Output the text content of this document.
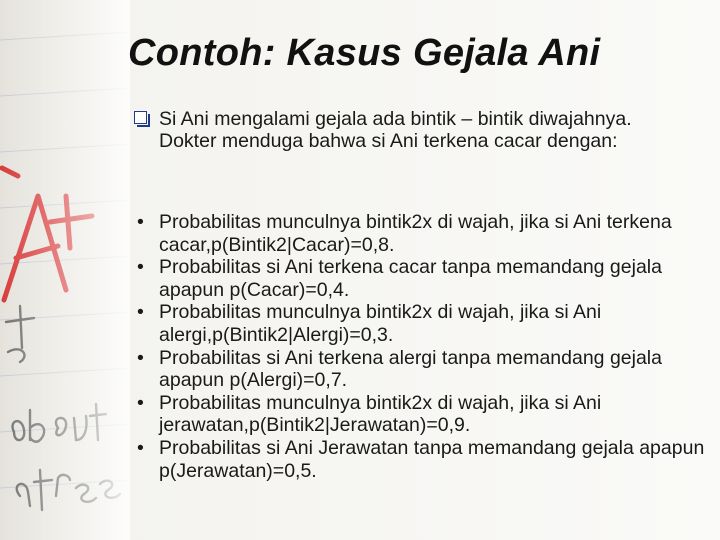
Contoh: Kasus Gejala Ani

Si Ani mengalami gejala ada bintik – bintik diwajahnya. Dokter menduga bahwa si Ani terkena cacar dengan:

• Probabilitas munculnya bintik2x di wajah, jika si Ani terkena cacar,p(Bintik2|Cacar)=0,8.
• Probabilitas si Ani terkena cacar tanpa memandang gejala apapun p(Cacar)=0,4.
• Probabilitas munculnya bintik2x di wajah, jika si Ani alergi,p(Bintik2|Alergi)=0,3.
• Probabilitas si Ani terkena alergi tanpa memandang gejala apapun p(Alergi)=0,7.
• Probabilitas munculnya bintik2x di wajah, jika si Ani jerawatan,p(Bintik2|Jerawatan)=0,9.
• Probabilitas si Ani Jerawatan tanpa memandang gejala apapun p(Jerawatan)=0,5.
